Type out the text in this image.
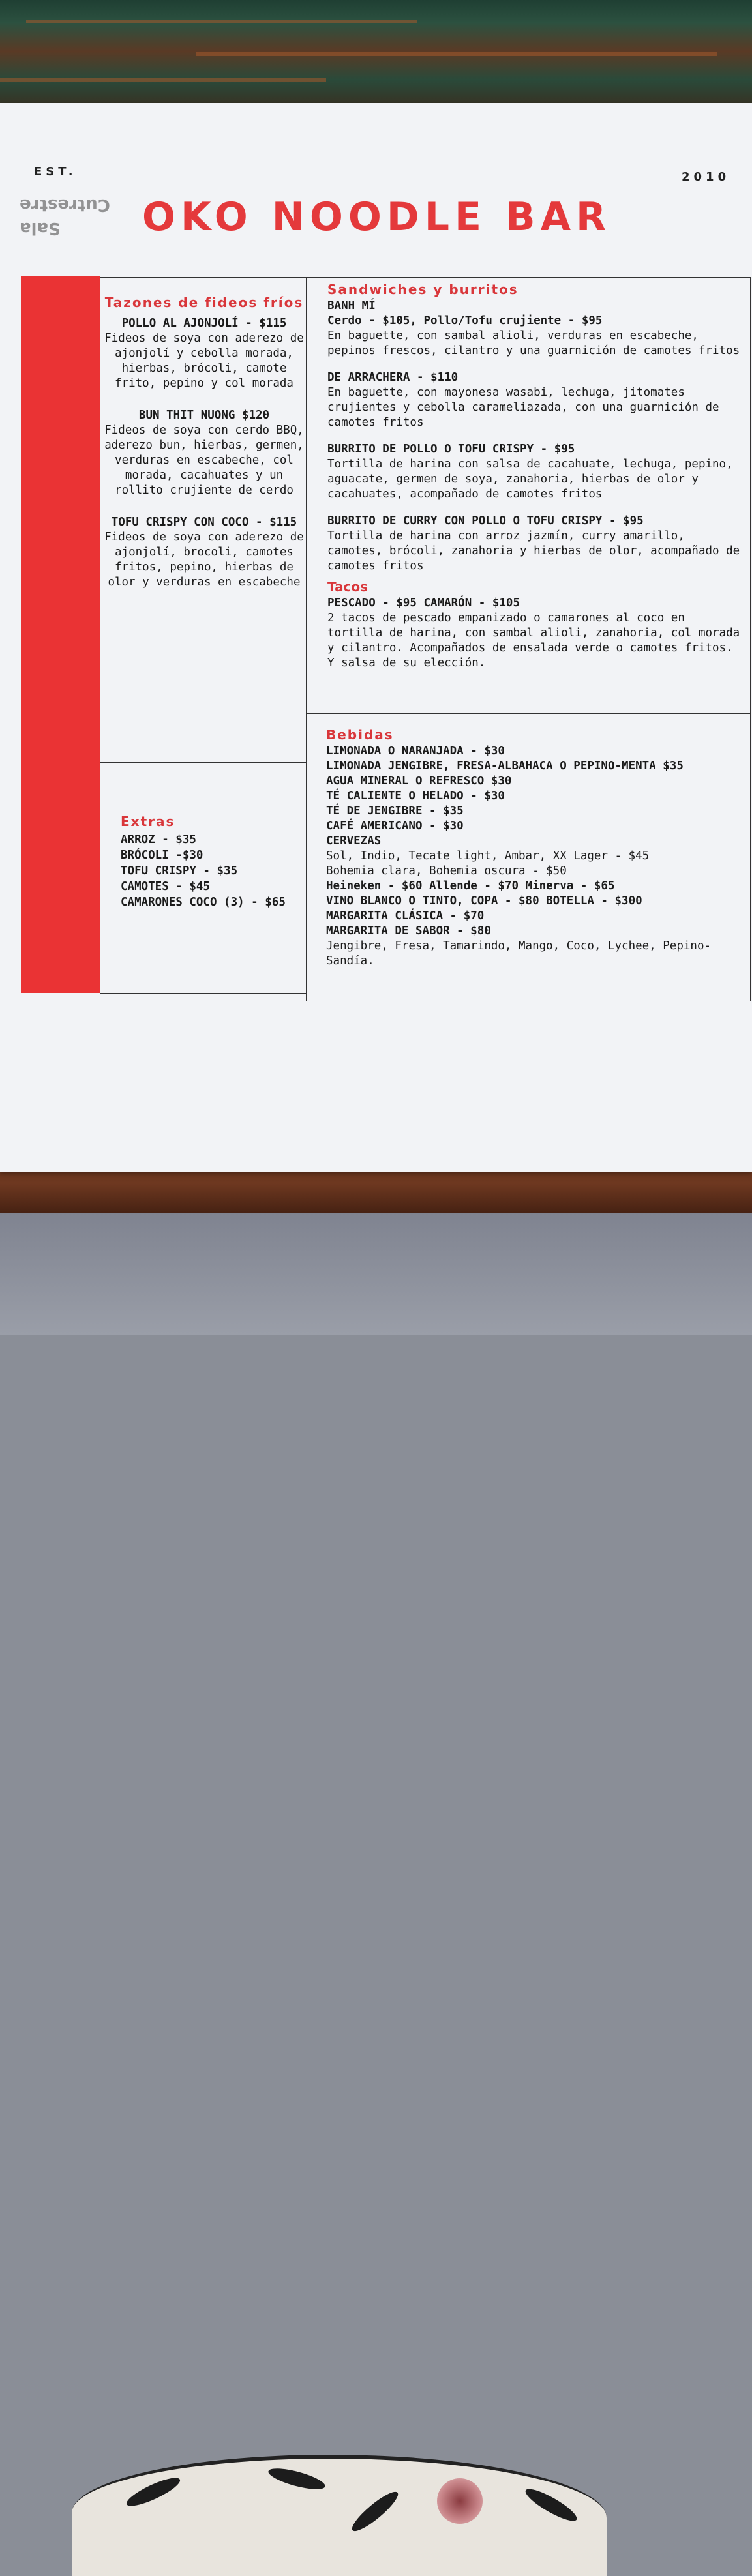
EST.	2010
Sala Cutrestre OKO NOODLE BAR
Tazones de fideos fríos
POLLO AL AJONJOLÍ - $115
Fideos de soya con aderezo de ajonjolí y cebolla morada, hierbas, brócoli, camote frito, pepino y col morada
BUN THIT NUONG $120
Fideos de soya con cerdo BBQ, aderezo bun, hierbas, germen, verduras en escabeche, col morada, cacahuates y un rollito crujiente de cerdo
TOFU CRISPY CON COCO - $115
Fideos de soya con aderezo de ajonjolí, brocoli, camotes fritos, pepino, hierbas de olor y verduras en escabeche
Extras
ARROZ - $35
BRÓCOLI -$30
TOFU CRISPY - $35
CAMOTES - $45
CAMARONES COCO (3) - $65
Sandwiches y burritos
BANH MÍ
Cerdo - $105, Pollo/Tofu crujiente - $95
En baguette, con sambal alioli, verduras en escabeche, pepinos frescos, cilantro y una guarnición de camotes fritos
DE ARRACHERA - $110
En baguette, con mayonesa wasabi, lechuga, jitomates crujientes y cebolla carameliazada, con una guarnición de camotes fritos
BURRITO DE POLLO O TOFU CRISPY - $95
Tortilla de harina con salsa de cacahuate, lechuga, pepino, aguacate, germen de soya, zanahoria, hierbas de olor y cacahuates, acompañado de camotes fritos
BURRITO DE CURRY CON POLLO O TOFU CRISPY - $95
Tortilla de harina con arroz jazmín, curry amarillo, camotes, brócoli, zanahoria y hierbas de olor, acompañado de camotes fritos
Tacos
PESCADO - $95 CAMARÓN - $105
2 tacos de pescado empanizado o camarones al coco en tortilla de harina, con sambal alioli, zanahoria, col morada y cilantro. Acompañados de ensalada verde o camotes fritos. Y salsa de su elección.
Bebidas
LIMONADA O NARANJADA - $30
LIMONADA JENGIBRE, FRESA-ALBAHACA O PEPINO-MENTA $35
AGUA MINERAL O REFRESCO $30
TÉ CALIENTE O HELADO - $30
TÉ DE JENGIBRE - $35
CAFÉ AMERICANO - $30
CERVEZAS
Sol, Indio, Tecate light, Ambar, XX Lager - $45
Bohemia clara, Bohemia oscura - $50
Heineken - $60 Allende - $70 Minerva - $65
VINO BLANCO O TINTO, COPA - $80 BOTELLA - $300
MARGARITA CLÁSICA - $70
MARGARITA DE SABOR - $80
Jengibre, Fresa, Tamarindo, Mango, Coco, Lychee, Pepino-Sandía.
